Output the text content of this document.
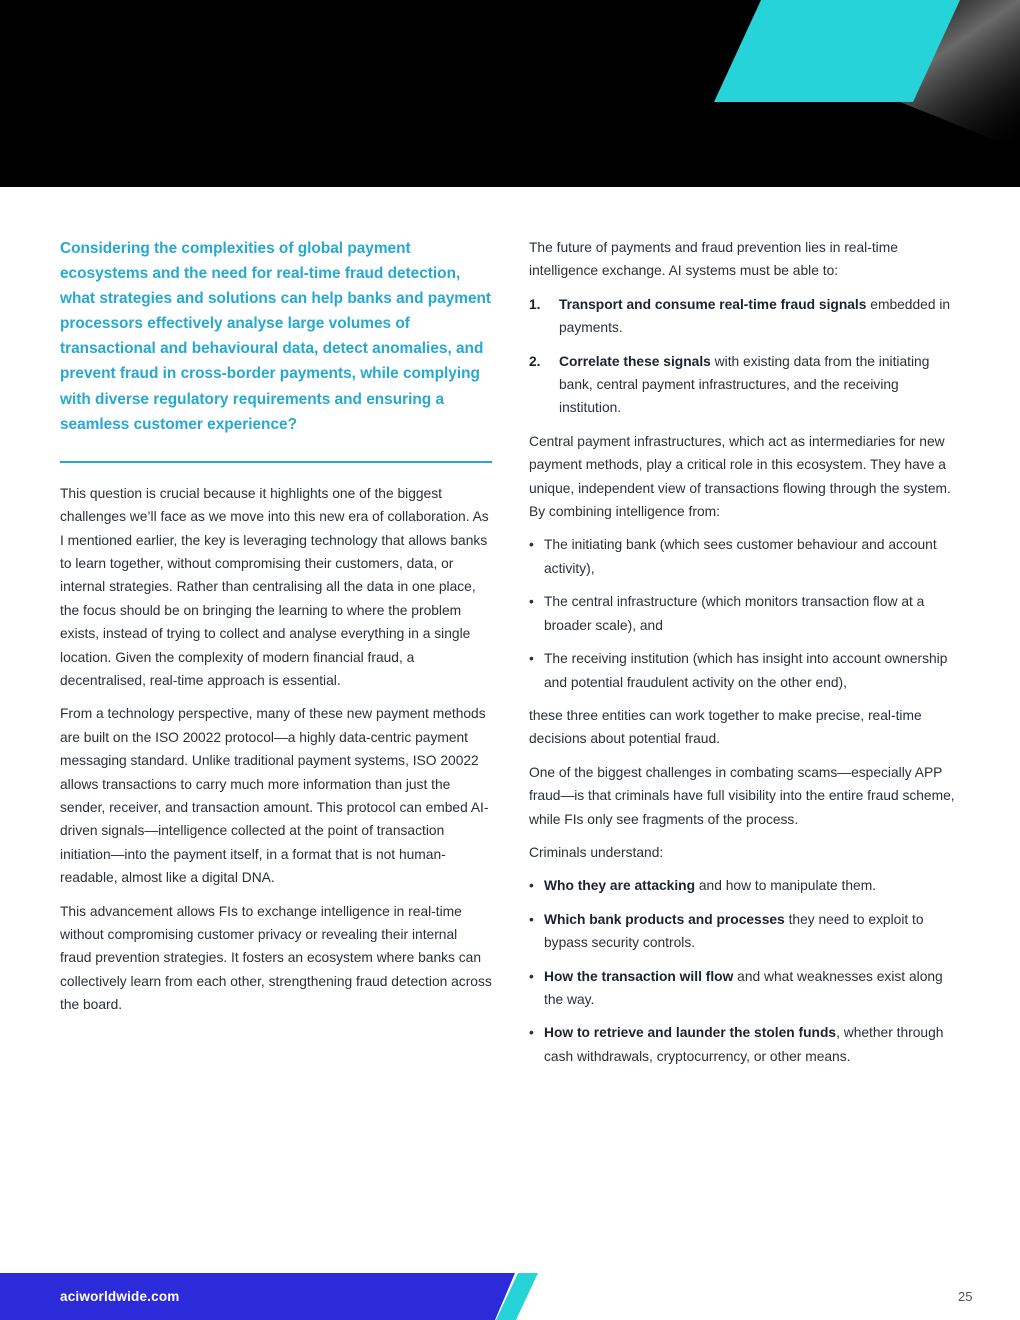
Considering the complexities of global payment ecosystems and the need for real-time fraud detection, what strategies and solutions can help banks and payment processors effectively analyse large volumes of transactional and behavioural data, detect anomalies, and prevent fraud in cross-border payments, while complying with diverse regulatory requirements and ensuring a seamless customer experience?

This question is crucial because it highlights one of the biggest challenges we’ll face as we move into this new era of collaboration. As I mentioned earlier, the key is leveraging technology that allows banks to learn together, without compromising their customers, data, or internal strategies. Rather than centralising all the data in one place, the focus should be on bringing the learning to where the problem exists, instead of trying to collect and analyse everything in a single location. Given the complexity of modern financial fraud, a decentralised, real-time approach is essential.

From a technology perspective, many of these new payment methods are built on the ISO 20022 protocol—a highly data-centric payment messaging standard. Unlike traditional payment systems, ISO 20022 allows transactions to carry much more information than just the sender, receiver, and transaction amount. This protocol can embed AI-driven signals—intelligence collected at the point of transaction initiation—into the payment itself, in a format that is not human-readable, almost like a digital DNA.

This advancement allows FIs to exchange intelligence in real-time without compromising customer privacy or revealing their internal fraud prevention strategies. It fosters an ecosystem where banks can collectively learn from each other, strengthening fraud detection across the board.

The future of payments and fraud prevention lies in real-time intelligence exchange. AI systems must be able to:

1. Transport and consume real-time fraud signals embedded in payments.
2. Correlate these signals with existing data from the initiating bank, central payment infrastructures, and the receiving institution.

Central payment infrastructures, which act as intermediaries for new payment methods, play a critical role in this ecosystem. They have a unique, independent view of transactions flowing through the system. By combining intelligence from:

• The initiating bank (which sees customer behaviour and account activity),
• The central infrastructure (which monitors transaction flow at a broader scale), and
• The receiving institution (which has insight into account ownership and potential fraudulent activity on the other end),

these three entities can work together to make precise, real-time decisions about potential fraud.

One of the biggest challenges in combating scams—especially APP fraud—is that criminals have full visibility into the entire fraud scheme, while FIs only see fragments of the process.

Criminals understand:

• Who they are attacking and how to manipulate them.
• Which bank products and processes they need to exploit to bypass security controls.
• How the transaction will flow and what weaknesses exist along the way.
• How to retrieve and launder the stolen funds, whether through cash withdrawals, cryptocurrency, or other means.
aciworldwide.com	25
